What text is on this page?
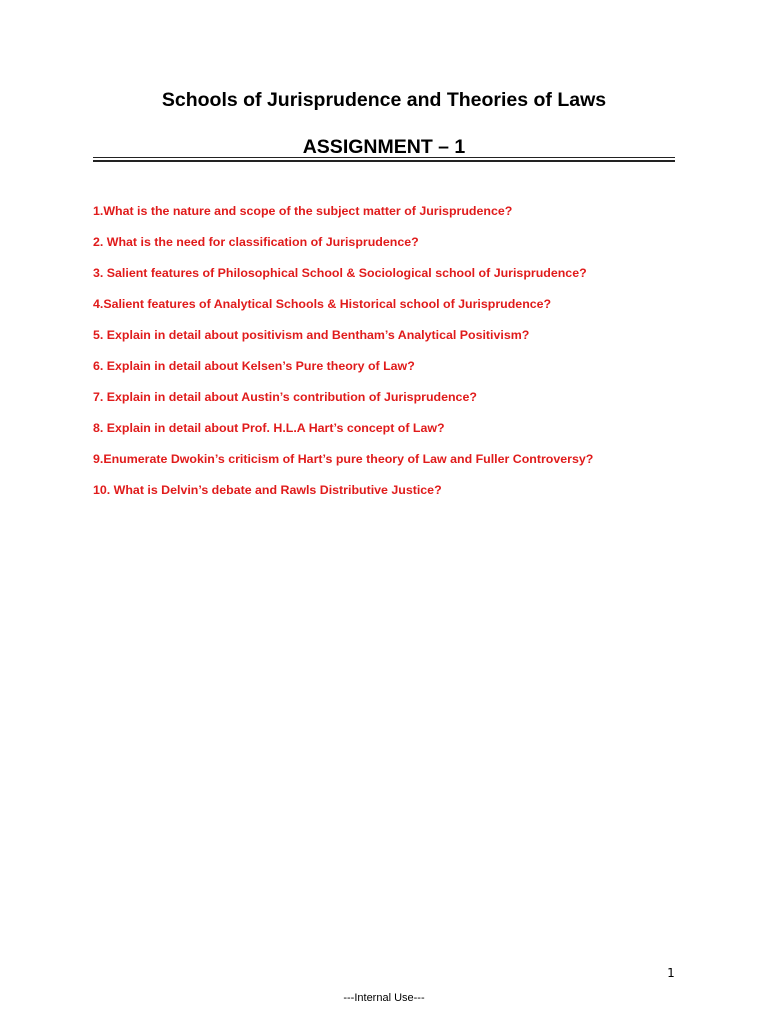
Schools of Jurisprudence and Theories of Laws
ASSIGNMENT – 1
1.What is the nature and scope of the subject matter of Jurisprudence?
2. What is the need for classification of Jurisprudence?
3. Salient features of Philosophical School & Sociological school of Jurisprudence?
4.Salient features of Analytical Schools & Historical school of Jurisprudence?
5. Explain in detail about positivism and Bentham’s Analytical Positivism?
6. Explain in detail about Kelsen’s Pure theory of Law?
7. Explain in detail about Austin’s contribution of Jurisprudence?
8. Explain in detail about Prof. H.L.A Hart’s concept of Law?
9.Enumerate Dwokin’s criticism of Hart’s pure theory of Law and Fuller Controversy?
10. What is Delvin’s debate and Rawls Distributive Justice?
1
---Internal Use---
